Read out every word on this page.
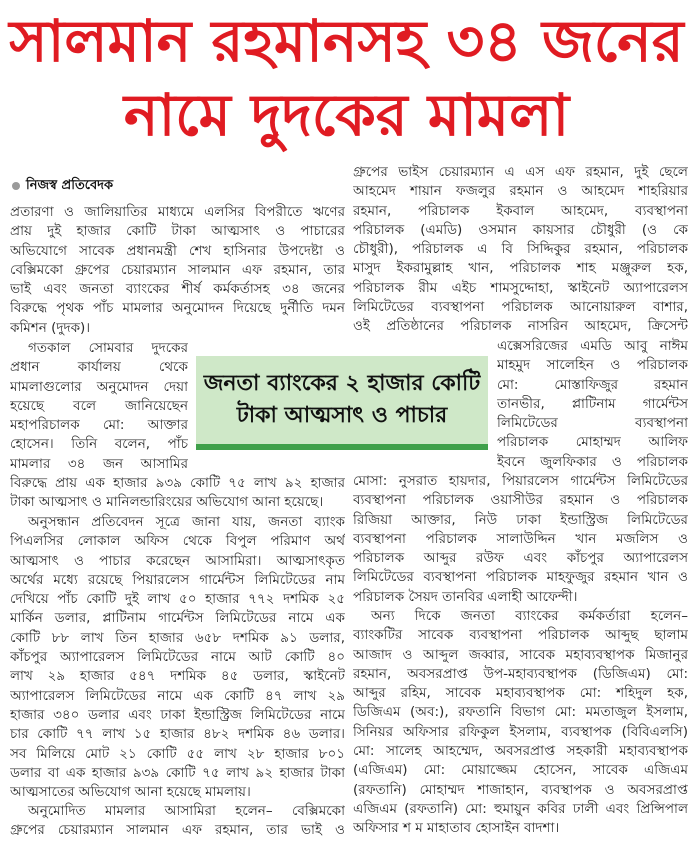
সালমান রহমানসহ ৩৪ জনের
নামে দুদকের মামলা
নিজস্ব প্রতিবেদক
জনতা ব্যাংকের ২ হাজার কোটি
টাকা আত্মসাৎ ও পাচার
প্রতারণা ও জালিয়াতির মাধ্যমে এলসির বিপরীতে ঋণের
প্রায় দুই হাজার কোটি টাকা আত্মসাৎ ও পাচারের
অভিযোগে সাবেক প্রধানমন্ত্রী শেখ হাসিনার উপদেষ্টা ও
বেক্সিমকো গ্রুপের চেয়ারম্যান সালমান এফ রহমান, তার
ভাই এবং জনতা ব্যাংকের শীর্ষ কর্মকর্তাসহ ৩৪ জনের
বিরুদ্ধে পৃথক পাঁচ মামলার অনুমোদন দিয়েছে দুর্নীতি দমন
কমিশন (দুদক)।
গতকাল সোমবার দুদকের
প্রধান কার্যালয় থেকে
মামলাগুলোর অনুমোদন দেয়া
হয়েছে বলে জানিয়েছেন
মহাপরিচালক মো: আক্তার
হোসেন। তিনি বলেন, পাঁচ
মামলার ৩৪ জন আসামির
বিরুদ্ধে প্রায় এক হাজার ৯৩৯ কোটি ৭৫ লাখ ৯২ হাজার
টাকা আত্মসাৎ ও মানিলন্ডারিংয়ের অভিযোগ আনা হয়েছে।
অনুসন্ধান প্রতিবেদন সূত্রে জানা যায়, জনতা ব্যাংক
পিএলসির লোকাল অফিস থেকে বিপুল পরিমাণ অর্থ
আত্মসাৎ ও পাচার করেছেন আসামিরা। আত্মসাৎকৃত
অর্থের মধ্যে রয়েছে পিয়ারলেস গার্মেন্টস লিমিটেডের নাম
দেখিয়ে পাঁচ কোটি দুই লাখ ৫০ হাজার ৭৭২ দশমিক ২৫
মার্কিন ডলার, প্লাটিনাম গার্মেন্টস লিমিটেডের নামে এক
কোটি ৮৮ লাখ তিন হাজার ৬৫৮ দশমিক ৯১ ডলার,
কাঁচপুর অ্যাপারেলস লিমিটেডের নামে আট কোটি ৪০
লাখ ২৯ হাজার ৫৪৭ দশমিক ৪৫ ডলার, স্কাইনেট
অ্যাপারেলস লিমিটেডের নামে এক কোটি ৪৭ লাখ ২৯
হাজার ৩৪০ ডলার এবং ঢাকা ইন্ডাস্ট্রিজ লিমিটেডের নামে
চার কোটি ৭৭ লাখ ১৫ হাজার ৪৮২ দশমিক ৪৬ ডলার।
সব মিলিয়ে মোট ২১ কোটি ৫৫ লাখ ২৮ হাজার ৮০১
ডলার বা এক হাজার ৯৩৯ কোটি ৭৫ লাখ ৯২ হাজার টাকা
আত্মসাতের অভিযোগ আনা হয়েছে মামলায়।
অনুমোদিত মামলার আসামিরা হলেন– বেক্সিমকো
গ্রুপের চেয়ারম্যান সালমান এফ রহমান, তার ভাই ও
গ্রুপের ভাইস চেয়ারম্যান এ এস এফ রহমান, দুই ছেলে
আহমেদ শায়ান ফজলুর রহমান ও আহমেদ শাহরিয়ার
রহমান, পরিচালক ইকবাল আহমেদ, ব্যবস্থাপনা
পরিচালক (এমডি) ওসমান কায়সার চৌধুরী (ও কে
চৌধুরী), পরিচালক এ বি সিদ্দিকুর রহমান, পরিচালক
মাসুদ ইকরামুল্লাহ খান, পরিচালক শাহ মঞ্জুরুল হক,
পরিচালক রীম এইচ শামসুদ্দোহা, স্কাইনেট অ্যাপারেলস
লিমিটেডের ব্যবস্থাপনা পরিচালক আনোয়ারুল বাশার,
ওই প্রতিষ্ঠানের পরিচালক নাসরিন আহমেদ, ক্রিসেন্ট
এক্সেসরিজের এমডি আবু নাঈম
মাহমুদ সালেহিন ও পরিচালক
মো: মোস্তাফিজুর রহমান
তানভীর, প্লাটিনাম গার্মেন্টস
লিমিটেডের ব্যবস্থাপনা
পরিচালক মোহাম্মদ আলিফ
ইবনে জুলফিকার ও পরিচালক
মোসা: নুসরাত হায়দার, পিয়ারলেস গার্মেন্টস লিমিটেডের
ব্যবস্থাপনা পরিচালক ওয়াসীউর রহমান ও পরিচালক
রিজিয়া আক্তার, নিউ ঢাকা ইন্ডাস্ট্রিজ লিমিটেডের
ব্যবস্থাপনা পরিচালক সালাউদ্দিন খান মজলিস ও
পরিচালক আব্দুর রউফ এবং কাঁচপুর অ্যাপারেলস
লিমিটেডের ব্যবস্থাপনা পরিচালক মাহফুজুর রহমান খান ও
পরিচালক সৈয়দ তানবির এলাহী আফেন্দী।
অন্য দিকে জনতা ব্যাংকের কর্মকর্তারা হলেন–
ব্যাংকটির সাবেক ব্যবস্থাপনা পরিচালক আব্দুছ ছালাম
আজাদ ও আব্দুল জব্বার, সাবেক মহাব্যবস্থাপক মিজানুর
রহমান, অবসরপ্রাপ্ত উপ-মহাব্যবস্থাপক (ডিজিএম) মো:
আব্দুর রহিম, সাবেক মহাব্যবস্থাপক মো: শহিদুল হক,
ডিজিএম (অব:), রফতানি বিভাগ মো: মমতাজুল ইসলাম,
সিনিয়র অফিসার রফিকুল ইসলাম, ব্যবস্থাপক (বিবিএলসি)
মো: সালেহ আহম্মেদ, অবসরপ্রাপ্ত সহকারী মহাব্যবস্থাপক
(এজিএম) মো: মোয়াজ্জেম হোসেন, সাবেক এজিএম
(রফতানি) মোহাম্মদ শাজাহান, ব্যবস্থাপক ও অবসরপ্রাপ্ত
এজিএম (রফতানি) মো: হুমায়ুন কবির ঢালী এবং প্রিন্সিপাল
অফিসার শ ম মাহাতাব হোসাইন বাদশা।
